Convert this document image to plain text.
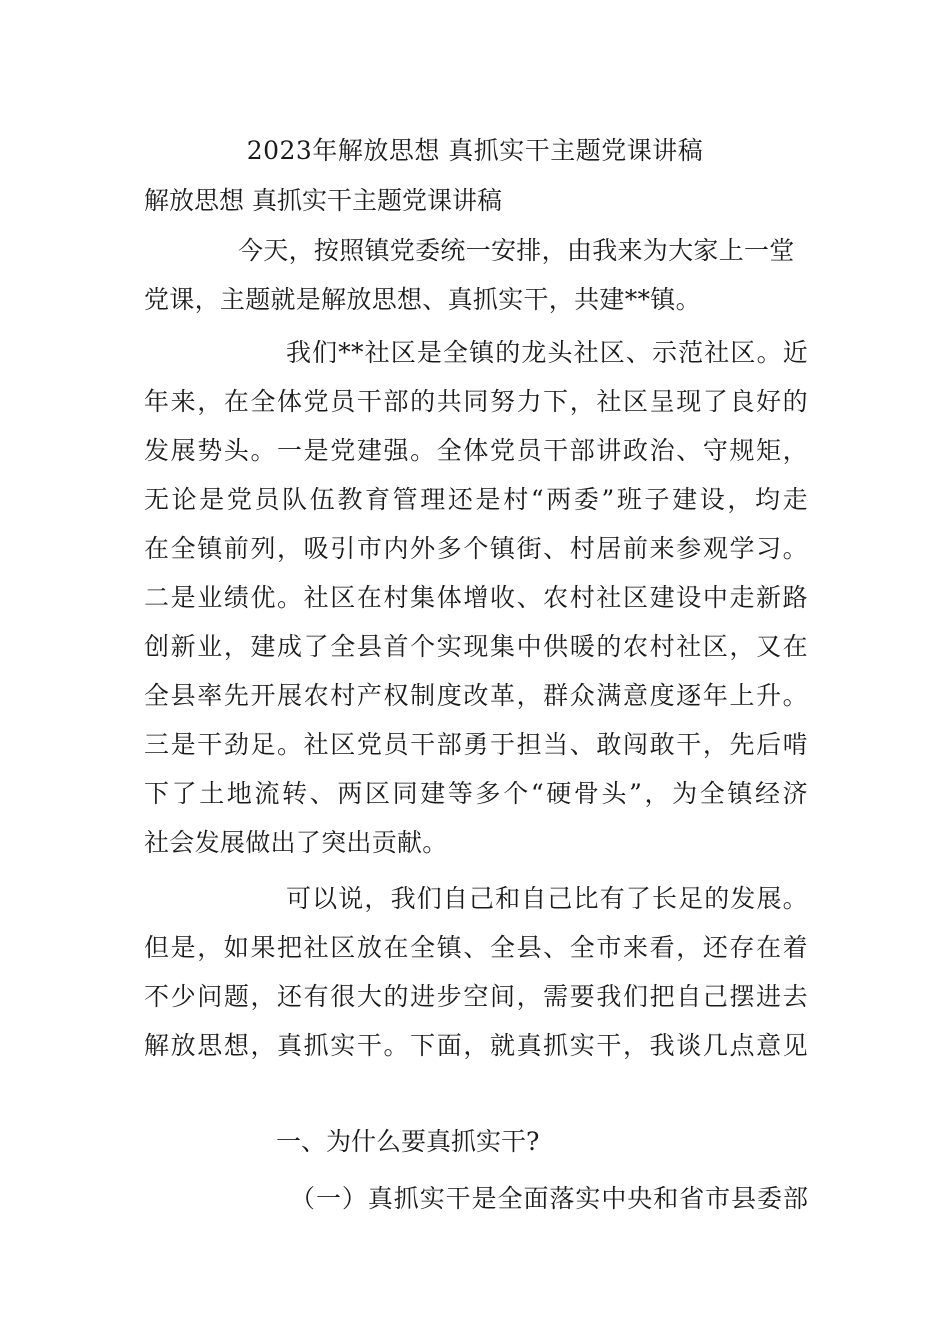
2023年解放思想 真抓实干主题党课讲稿
解放思想 真抓实干主题党课讲稿
今天，按照镇党委统一安排，由我来为大家上一堂
党课，主题就是解放思想、真抓实干，共建**镇。
我们**社区是全镇的龙头社区、示范社区。近
年来，在全体党员干部的共同努力下，社区呈现了良好的
发展势头。一是党建强。全体党员干部讲政治、守规矩，
无论是党员队伍教育管理还是村“两委”班子建设，均走
在全镇前列，吸引市内外多个镇街、村居前来参观学习。
二是业绩优。社区在村集体增收、农村社区建设中走新路
创新业，建成了全县首个实现集中供暖的农村社区，又在
全县率先开展农村产权制度改革，群众满意度逐年上升。
三是干劲足。社区党员干部勇于担当、敢闯敢干，先后啃
下了土地流转、两区同建等多个“硬骨头”，为全镇经济
社会发展做出了突出贡献。
可以说，我们自己和自己比有了长足的发展。
但是，如果把社区放在全镇、全县、全市来看，还存在着
不少问题，还有很大的进步空间，需要我们把自己摆进去
解放思想，真抓实干。下面，就真抓实干，我谈几点意见
一、为什么要真抓实干?
（一）真抓实干是全面落实中央和省市县委部
